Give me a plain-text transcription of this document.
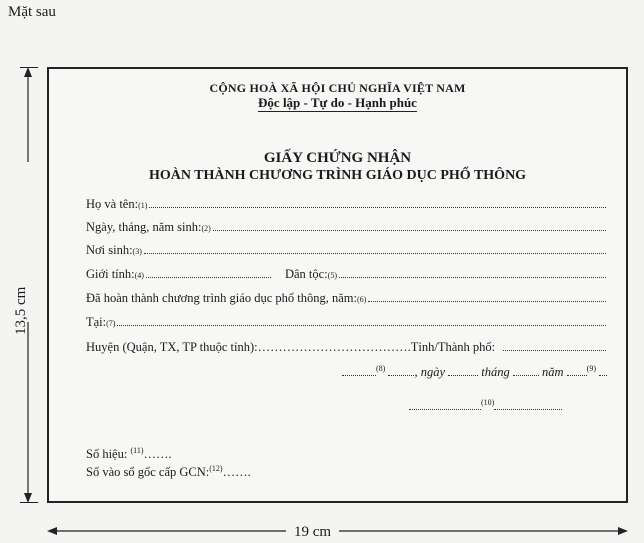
Mặt sau
CỘNG HOÀ XÃ HỘI CHỦ NGHĨA VIỆT NAM
Độc lập - Tự do - Hạnh phúc
GIẤY CHỨNG NHẬN
HOÀN THÀNH CHƯƠNG TRÌNH GIÁO DỤC PHỔ THÔNG
Họ và tên: (1)
Ngày, tháng, năm sinh: (2)
Nơi sinh: (3)
Giới tính: (4)	Dân tộc: (5)
Đã hoàn thành chương trình giáo dục phổ thông, năm: (6)
Tại: (7)
Huyện (Quận, TX, TP thuộc tỉnh): ………………………………. Tỉnh/Thành phố:
$^{(8)}$ , ngày	tháng	năm	$^{(9)}$
$^{(10)}$
Số hiệu: $^{(11)}$…….
Số vào sổ gốc cấp GCN:$^{(12)}$…….
13,5 cm
19 cm
